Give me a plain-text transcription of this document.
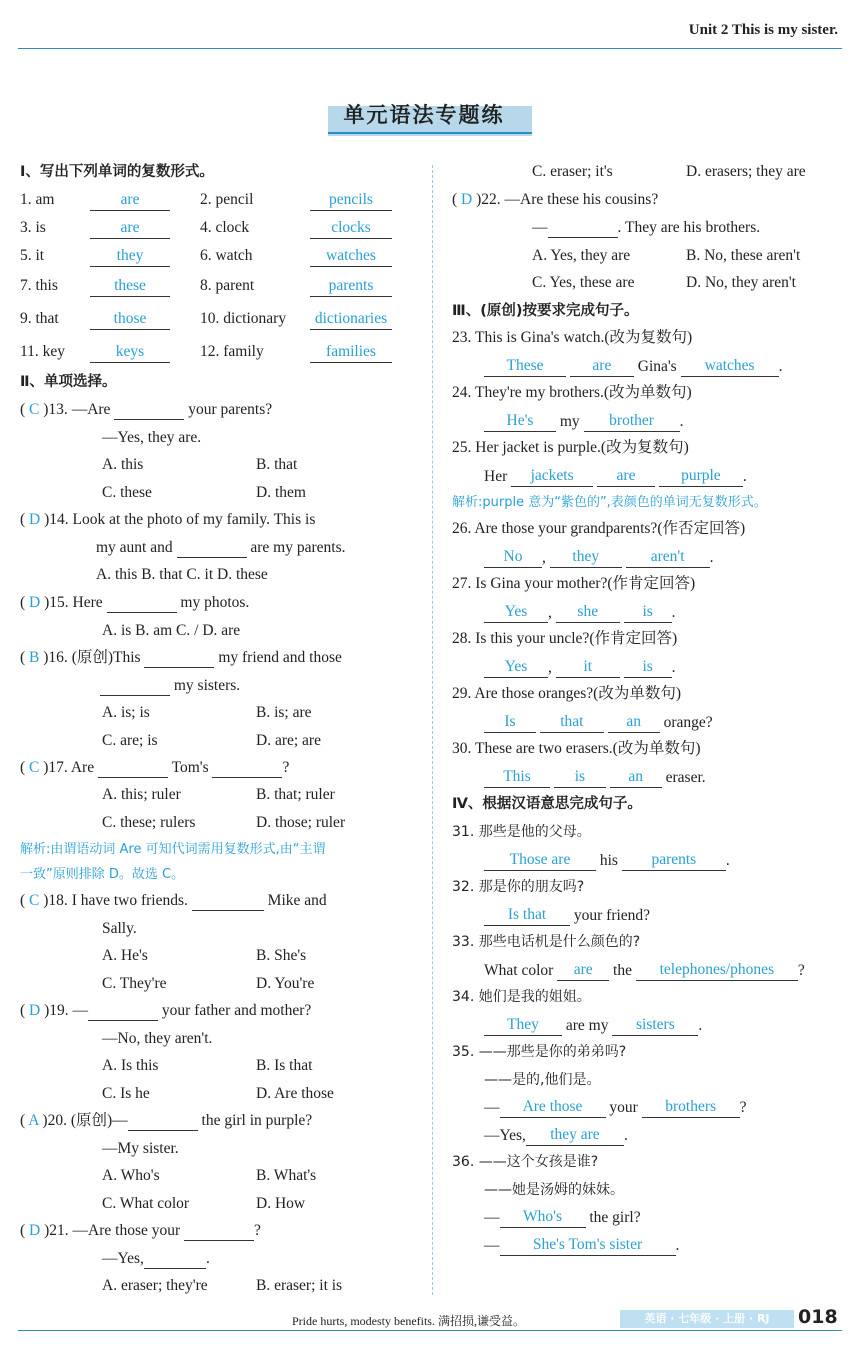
Unit 2 This is my sister.
单元语法专题练
Ⅰ、写出下列单词的复数形式。
1. am	are	2. pencil	pencils
3. is	are	4. clock	clocks
5. it	they	6. watch	watches
7. this	these	8. parent	parents
9. that	those	10. dictionary	dictionaries
11. key	keys	12. family	families
Ⅱ、单项选择。
( C )13. —Are	your parents?
—Yes, they are.
A. this	B. that
C. these	D. them
( D )14. Look at the photo of my family. This is
my aunt and	are my parents.
A. this B. that C. it D. these
( D )15. Here	my photos.
A. is B. am C. / D. are
( B )16. (原创)This	my friend and those
my sisters.
A. is; is	B. is; are
C. are; is	D. are; are
( C )17. Are	Tom's	?
A. this; ruler	B. that; ruler
C. these; rulers	D. those; ruler
解析:由谓语动词 Are 可知代词需用复数形式,由“主谓
一致”原则排除 D。故选 C。
( C )18. I have two friends.	Mike and
Sally.
A. He's	B. She's
C. They're	D. You're
( D )19. —	your father and mother?
—No, they aren't.
A. Is this	B. Is that
C. Is he	D. Are those
( A )20. (原创)—	the girl in purple?
—My sister.
A. Who's	B. What's
C. What color	D. How
( D )21. —Are those your	?
—Yes,	.
A. eraser; they're	B. eraser; it is
C. eraser; it's	D. erasers; they are
( D )22. —Are these his cousins?
—	. They are his brothers.
A. Yes, they are	B. No, these aren't
C. Yes, these are	D. No, they aren't
Ⅲ、(原创)按要求完成句子。
23. This is Gina's watch.(改为复数句)
These	are Gina's watches .
24. They're my brothers.(改为单数句)
He's my brother .
25. Her jacket is purple.(改为复数句)
Her jackets	are	purple .
解析:purple 意为“紫色的”,表颜色的单词无复数形式。
26. Are those your grandparents?(作否定回答)
No , they	aren't .
27. Is Gina your mother?(作肯定回答)
Yes , she	is .
28. Is this your uncle?(作肯定回答)
Yes , it	is .
29. Are those oranges?(改为单数句)
Is	that	an orange?
30. These are two erasers.(改为单数句)
This	is	an eraser.
Ⅳ、根据汉语意思完成句子。
31. 那些是他的父母。
Those are his parents .
32. 那是你的朋友吗?
Is that your friend?
33. 那些电话机是什么颜色的?
What color are the telephones/phones ?
34. 她们是我的姐姐。
They are my sisters .
35. ——那些是你的弟弟吗?
——是的,他们是。
— Are those your brothers ?
—Yes, they are .
36. ——这个女孩是谁?
——她是汤姆的妹妹。
— Who's the girl?
— She's Tom's sister .
Pride hurts, modesty benefits. 满招损,谦受益。	英语 · 七年级 · 上册 · RJ	018
